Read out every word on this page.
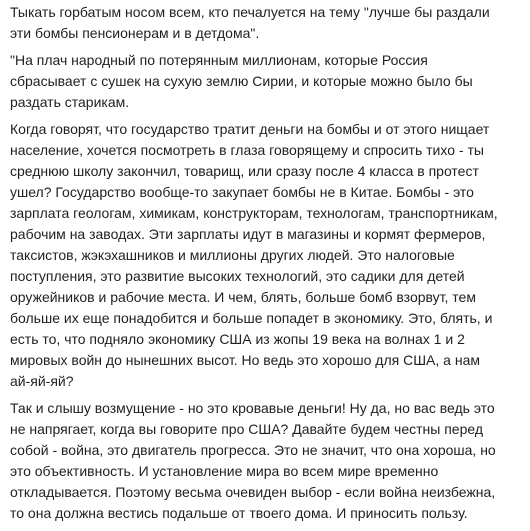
Тыкать горбатым носом всем, кто печалуется на тему "лучше бы раздали
эти бомбы пенсионерам и в детдома".

"На плач народный по потерянным миллионам, которые Россия
сбрасывает с сушек на сухую землю Сирии, и которые можно было бы
раздать старикам.

Когда говорят, что государство тратит деньги на бомбы и от этого нищает
население, хочется посмотреть в глаза говорящему и спросить тихо - ты
среднюю школу закончил, товарищ, или сразу после 4 класса в протест
ушел? Государство вообще-то закупает бомбы не в Китае. Бомбы - это
зарплата геологам, химикам, конструкторам, технологам, транспортникам,
рабочим на заводах. Эти зарплаты идут в магазины и кормят фермеров,
таксистов, жэкэхашников и миллионы других людей. Это налоговые
поступления, это развитие высоких технологий, это садики для детей
оружейников и рабочие места. И чем, блять, больше бомб взорвут, тем
больше их еще понадобится и больше попадет в экономику. Это, блять, и
есть то, что подняло экономику США из жопы 19 века на волнах 1 и 2
мировых войн до нынешних высот. Но ведь это хорошо для США, а нам
ай-яй-яй?

Так и слышу возмущение - но это кровавые деньги! Ну да, но вас ведь это
не напрягает, когда вы говорите про США? Давайте будем честны перед
собой - война, это двигатель прогресса. Это не значит, что она хороша, но
это объективность. И установление мира во всем мире временно
откладывается. Поэтому весьма очевиден выбор - если война неизбежна,
то она должна вестись подальше от твоего дома. И приносить пользу.
